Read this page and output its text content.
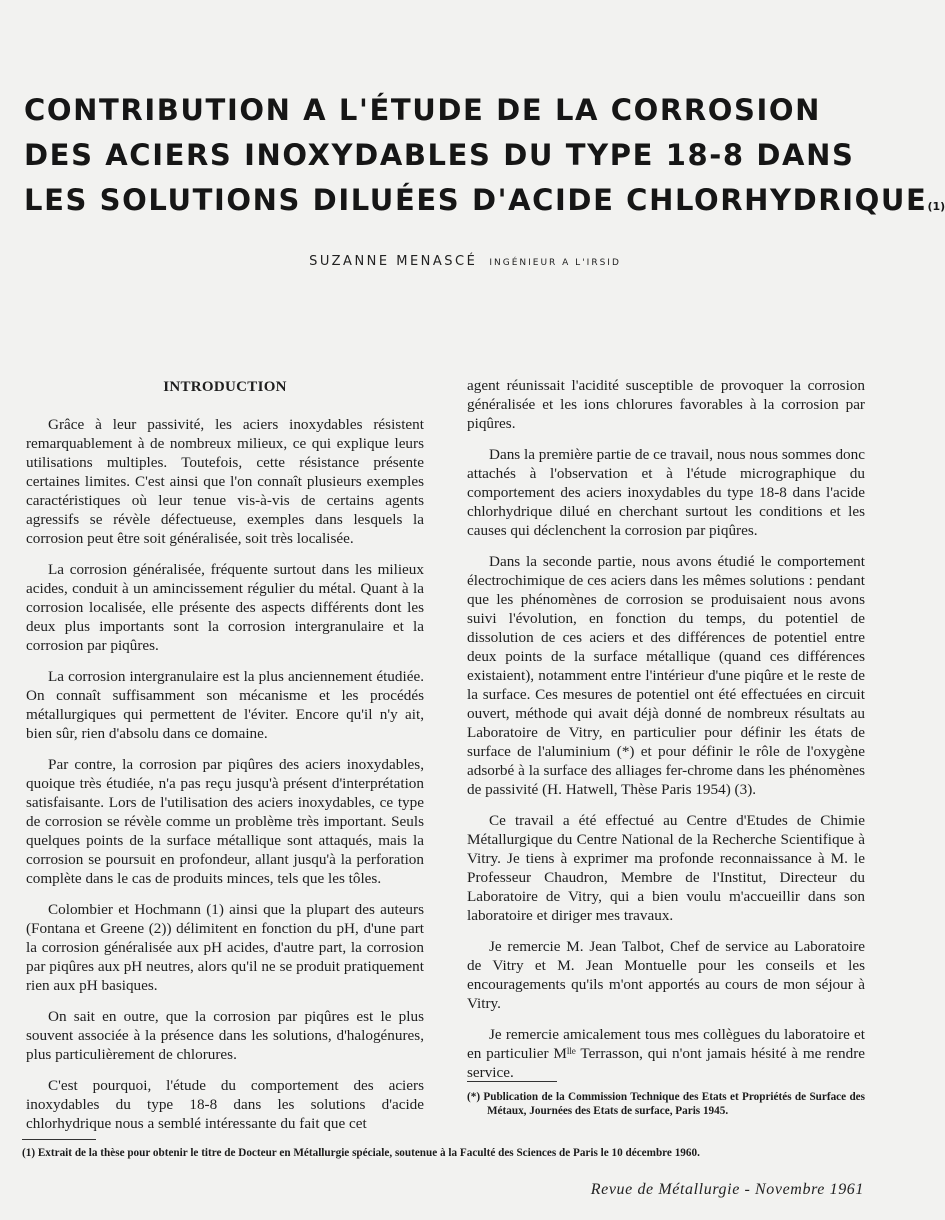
CONTRIBUTION A L'ÉTUDE DE LA CORROSION
DES ACIERS INOXYDABLES DU TYPE 18-8 DANS
LES SOLUTIONS DILUÉES D'ACIDE CHLORHYDRIQUE$^{(1)}$
SUZANNE MENASCÉ INGÉNIEUR A L'IRSID
INTRODUCTION

Grâce à leur passivité, les aciers inoxydables résistent remarquablement à de nombreux milieux, ce qui explique leurs utilisations multiples. Toutefois, cette résistance présente certaines limites. C'est ainsi que l'on connaît plusieurs exemples caractéristiques où leur tenue vis-à-vis de certains agents agressifs se révèle défectueuse, exemples dans lesquels la corrosion peut être soit généralisée, soit très localisée.

La corrosion généralisée, fréquente surtout dans les milieux acides, conduit à un amincissement régulier du métal. Quant à la corrosion localisée, elle présente des aspects différents dont les deux plus importants sont la corrosion intergranulaire et la corrosion par piqûres.

La corrosion intergranulaire est la plus anciennement étudiée. On connaît suffisamment son mécanisme et les procédés métallurgiques qui permettent de l'éviter. Encore qu'il n'y ait, bien sûr, rien d'absolu dans ce domaine.

Par contre, la corrosion par piqûres des aciers inoxydables, quoique très étudiée, n'a pas reçu jusqu'à présent d'interprétation satisfaisante. Lors de l'utilisation des aciers inoxydables, ce type de corrosion se révèle comme un problème très important. Seuls quelques points de la surface métallique sont attaqués, mais la corrosion se poursuit en profondeur, allant jusqu'à la perforation complète dans le cas de produits minces, tels que les tôles.

Colombier et Hochmann (1) ainsi que la plupart des auteurs (Fontana et Greene (2)) délimitent en fonction du pH, d'une part la corrosion généralisée aux pH acides, d'autre part, la corrosion par piqûres aux pH neutres, alors qu'il ne se produit pratiquement rien aux pH basiques.

On sait en outre, que la corrosion par piqûres est le plus souvent associée à la présence dans les solutions, d'halogénures, plus particulièrement de chlorures.

C'est pourquoi, l'étude du comportement des aciers inoxydables du type 18-8 dans les solutions d'acide chlorhydrique nous a semblé intéressante du fait que cet

agent réunissait l'acidité susceptible de provoquer la corrosion généralisée et les ions chlorures favorables à la corrosion par piqûres.

Dans la première partie de ce travail, nous nous sommes donc attachés à l'observation et à l'étude micrographique du comportement des aciers inoxydables du type 18-8 dans l'acide chlorhydrique dilué en cherchant surtout les conditions et les causes qui déclenchent la corrosion par piqûres.

Dans la seconde partie, nous avons étudié le comportement électrochimique de ces aciers dans les mêmes solutions : pendant que les phénomènes de corrosion se produisaient nous avons suivi l'évolution, en fonction du temps, du potentiel de dissolution de ces aciers et des différences de potentiel entre deux points de la surface métallique (quand ces différences existaient), notamment entre l'intérieur d'une piqûre et le reste de la surface. Ces mesures de potentiel ont été effectuées en circuit ouvert, méthode qui avait déjà donné de nombreux résultats au Laboratoire de Vitry, en particulier pour définir les états de surface de l'aluminium (*) et pour définir le rôle de l'oxygène adsorbé à la surface des alliages fer-chrome dans les phénomènes de passivité (H. Hatwell, Thèse Paris 1954) (3).

Ce travail a été effectué au Centre d'Etudes de Chimie Métallurgique du Centre National de la Recherche Scientifique à Vitry. Je tiens à exprimer ma profonde reconnaissance à M. le Professeur Chaudron, Membre de l'Institut, Directeur du Laboratoire de Vitry, qui a bien voulu m'accueillir dans son laboratoire et diriger mes travaux.

Je remercie M. Jean Talbot, Chef de service au Laboratoire de Vitry et M. Jean Montuelle pour les conseils et les encouragements qu'ils m'ont apportés au cours de mon séjour à Vitry.

Je remercie amicalement tous mes collègues du laboratoire et en particulier Mˡˡᵉ Terrasson, qui n'ont jamais hésité à me rendre service.

(*) Publication de la Commission Technique des Etats et Propriétés de Surface des Métaux, Journées des Etats de surface, Paris 1945.
(1) Extrait de la thèse pour obtenir le titre de Docteur en Métallurgie spéciale, soutenue à la Faculté des Sciences de Paris le 10 décembre 1960.
Revue de Métallurgie - Novembre 1961
